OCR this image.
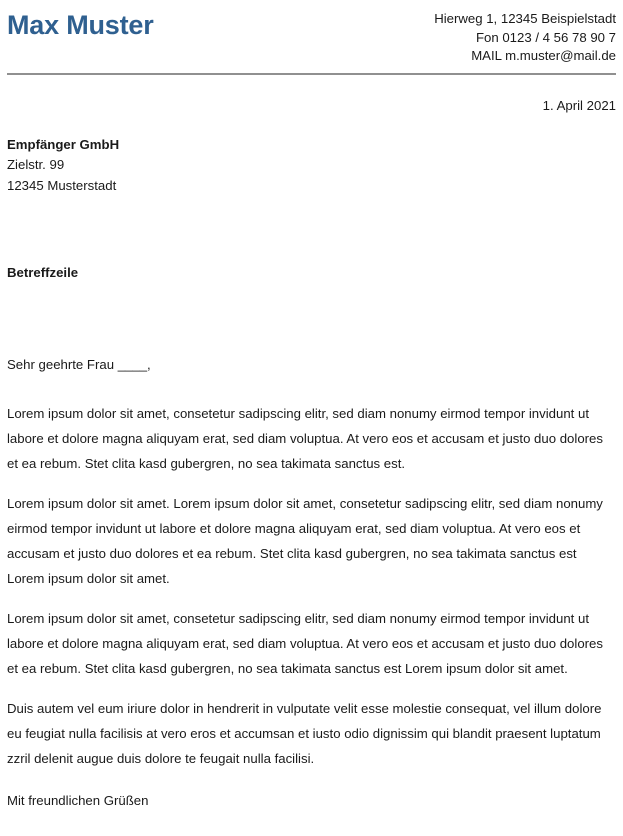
Max Muster	Hierweg 1, 12345 Beispielstadt
Fon 0123 / 4 56 78 90 7
MAIL m.muster@mail.de
1. April 2021
Empfänger GmbH
Zielstr. 99
12345 Musterstadt
Betreffzeile
Sehr geehrte Frau ____,

Lorem ipsum dolor sit amet, consetetur sadipscing elitr, sed diam nonumy eirmod tempor invidunt ut labore et dolore magna aliquyam erat, sed diam voluptua. At vero eos et accusam et justo duo dolores et ea rebum. Stet clita kasd gubergren, no sea takimata sanctus est.

Lorem ipsum dolor sit amet. Lorem ipsum dolor sit amet, consetetur sadipscing elitr, sed diam nonumy eirmod tempor invidunt ut labore et dolore magna aliquyam erat, sed diam voluptua. At vero eos et accusam et justo duo dolores et ea rebum. Stet clita kasd gubergren, no sea takimata sanctus est Lorem ipsum dolor sit amet.

Lorem ipsum dolor sit amet, consetetur sadipscing elitr, sed diam nonumy eirmod tempor invidunt ut labore et dolore magna aliquyam erat, sed diam voluptua. At vero eos et accusam et justo duo dolores et ea rebum. Stet clita kasd gubergren, no sea takimata sanctus est Lorem ipsum dolor sit amet.

Duis autem vel eum iriure dolor in hendrerit in vulputate velit esse molestie consequat, vel illum dolore eu feugiat nulla facilisis at vero eros et accumsan et iusto odio dignissim qui blandit praesent luptatum zzril delenit augue duis dolore te feugait nulla facilisi.

Mit freundlichen Grüßen
